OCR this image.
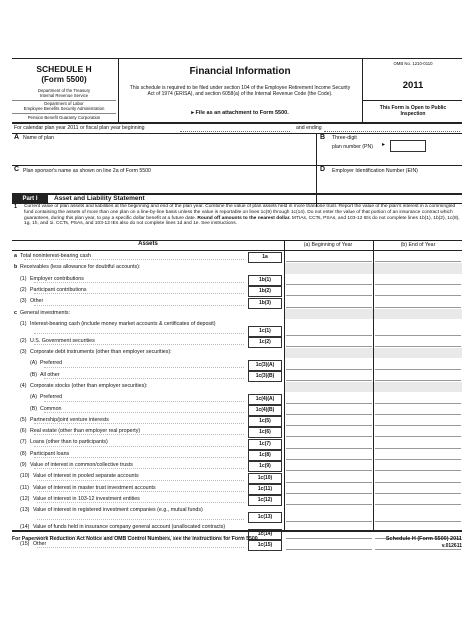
SCHEDULE H
(Form 5500)
Department of the Treasury
Internal Revenue Service
Department of Labor
Employee Benefits Security Administration
Pension Benefit Guaranty Corporation
Financial Information
This schedule is required to be filed under section 104 of the Employee Retirement Income Security Act of 1974 (ERISA), and section 6058(a) of the Internal Revenue Code (the Code).
▸ File as an attachment to Form 5500.
OMB No. 1210-0110
2011
This Form is Open to Public
Inspection
For calendar plan year 2011 or fiscal plan year beginning	and ending
A Name of plan	B Three-digit
plan number (PN) ▸
C Plan sponsor's name as shown on line 2a of Form 5500	D Employer Identification Number (EIN)
Part I	Asset and Liability Statement
1 Current value of plan assets and liabilities at the beginning and end of the plan year. Combine the value of plan assets held in more than one trust. Report the value of the plan's interest in a commingled fund containing the assets of more than one plan on a line-by-line basis unless the value is reportable on lines 1c(9) through 1c(14). Do not enter the value of that portion of an insurance contract which guarantees, during this plan year, to pay a specific dollar benefit at a future date. Round off amounts to the nearest dollar. MTIAs, CCTs, PSAs, and 103-12 IEs do not complete lines 1b(1), 1b(2), 1c(8), 1g, 1h, and 1i. CCTs, PSAs, and 103-12 IEs also do not complete lines 1d and 1e. See instructions.
Assets	(a) Beginning of Year	(b) End of Year
a Total noninterest-bearing cash	1a
b Receivables (less allowance for doubtful accounts):
(1) Employer contributions	1b(1)
(2) Participant contributions	1b(2)
(3) Other	1b(3)
c General investments:
(1) Interest-bearing cash (include money market accounts & certificates of deposit)
1c(1)
(2) U.S. Government securities	1c(2)
(3) Corporate debt instruments (other than employer securities):
(A) Preferred	1c(3)(A)
(B) All other	1c(3)(B)
(4) Corporate stocks (other than employer securities):
(A) Preferred	1c(4)(A)
(B) Common	1c(4)(B)
(5) Partnership/joint venture interests	1c(5)
(6) Real estate (other than employer real property)	1c(6)
(7) Loans (other than to participants)	1c(7)
(8) Participant loans	1c(8)
(9) Value of interest in common/collective trusts	1c(9)
(10) Value of interest in pooled separate accounts	1c(10)
(11) Value of interest in master trust investment accounts	1c(11)
(12) Value of interest in 103-12 investment entities	1c(12)
(13) Value of interest in registered investment companies (e.g., mutual funds)
1c(13)
(14) Value of funds held in insurance company general account (unallocated contracts)
1c(14)
(15) Other	1c(15)
For Paperwork Reduction Act Notice and OMB Control Numbers, see the instructions for Form 5500	Schedule H (Form 5500) 2011
v.012611
